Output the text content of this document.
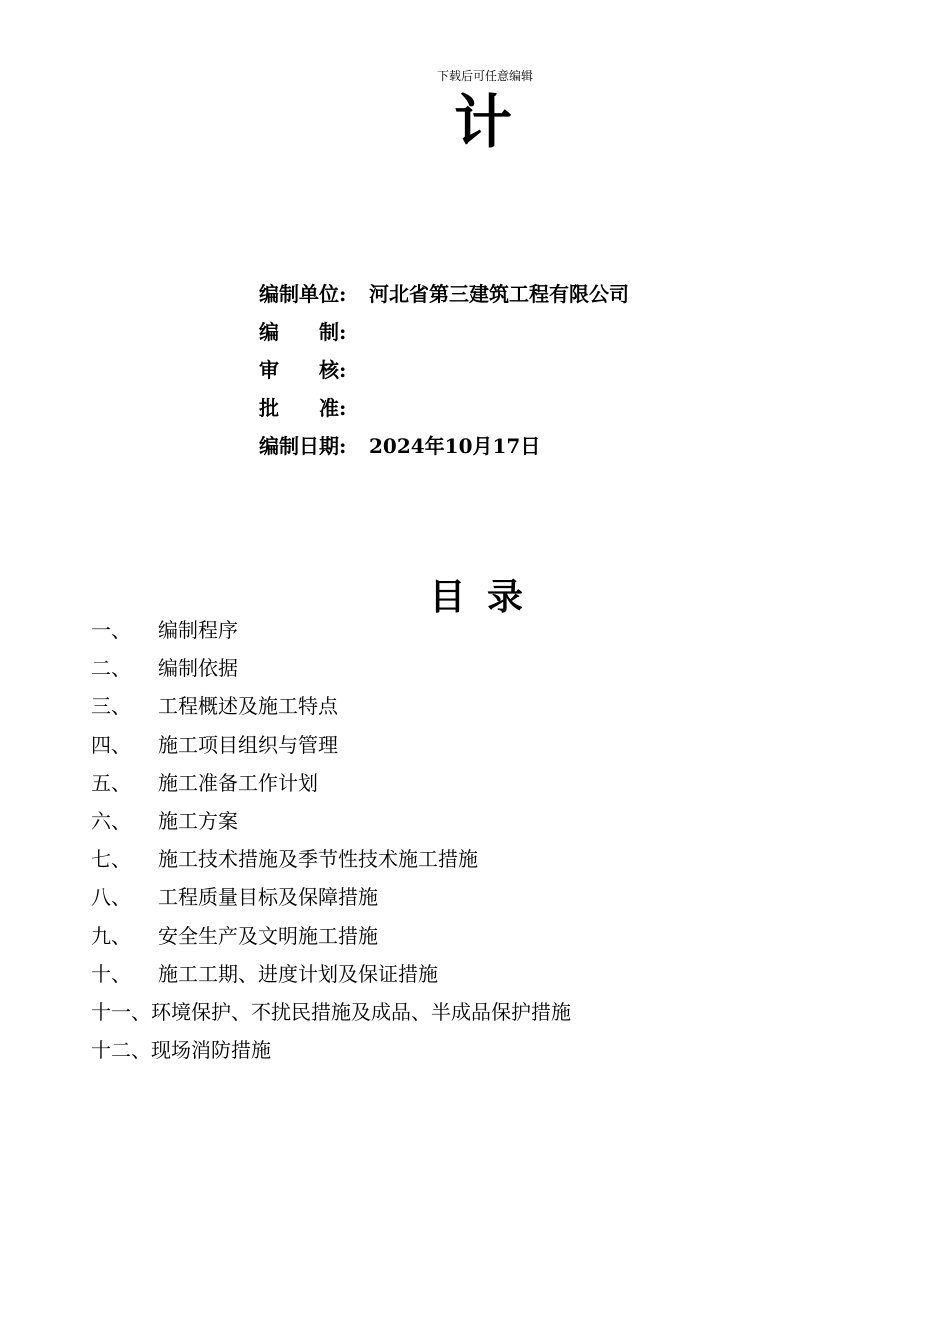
下载后可任意编辑
计
编制单位: 河北省第三建筑工程有限公司
编　　制:
审　　核:
批　　准:
编制日期: 2024年10月17日
目录
一、 编制程序
二、 编制依据
三、 工程概述及施工特点
四、 施工项目组织与管理
五、 施工准备工作计划
六、 施工方案
七、 施工技术措施及季节性技术施工措施
八、 工程质量目标及保障措施
九、 安全生产及文明施工措施
十、 施工工期、进度计划及保证措施
十一、环境保护、不扰民措施及成品、半成品保护措施
十二、现场消防措施
